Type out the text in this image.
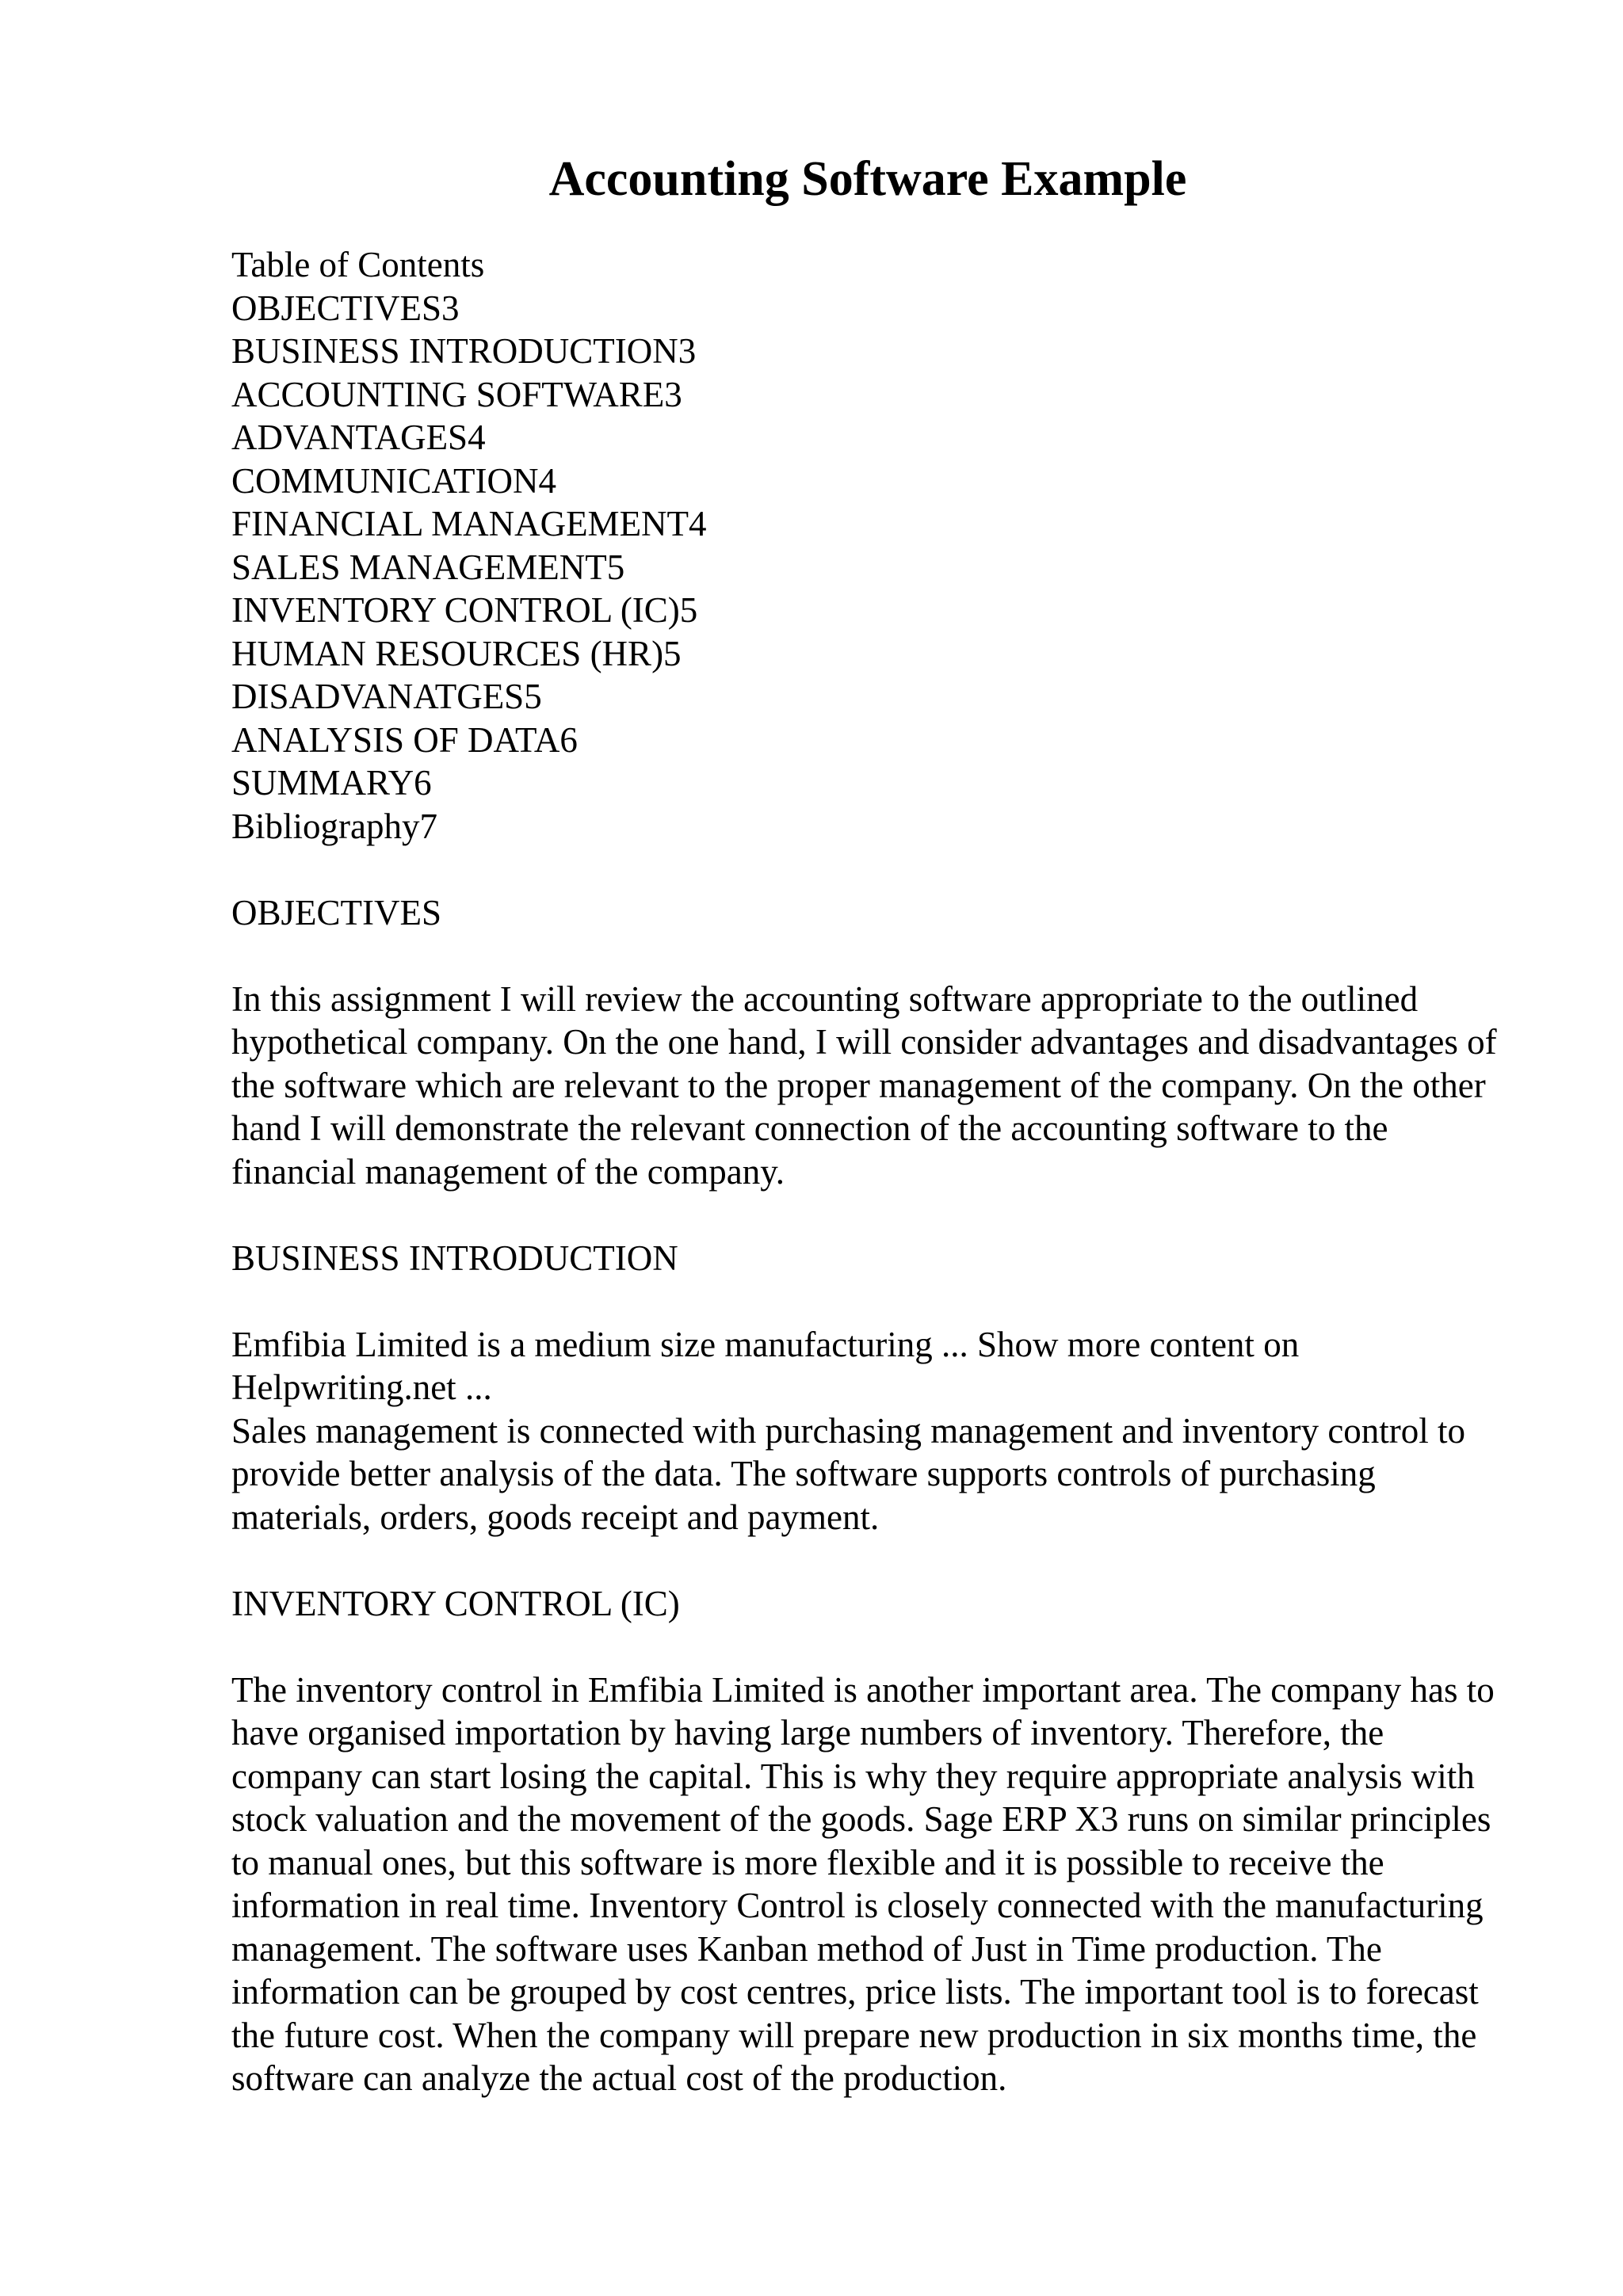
Accounting Software Example
Table of Contents
OBJECTIVES3
BUSINESS INTRODUCTION3
ACCOUNTING SOFTWARE3
ADVANTAGES4
COMMUNICATION4
FINANCIAL MANAGEMENT4
SALES MANAGEMENT5
INVENTORY CONTROL (IC)5
HUMAN RESOURCES (HR)5
DISADVANATGES5
ANALYSIS OF DATA6
SUMMARY6
Bibliography7
OBJECTIVES

In this assignment I will review the accounting software appropriate to the outlined hypothetical company. On the one hand, I will consider advantages and disadvantages of the software which are relevant to the proper management of the company. On the other hand I will demonstrate the relevant connection of the accounting software to the financial management of the company.

BUSINESS INTRODUCTION

Emfibia Limited is a medium size manufacturing ... Show more content on Helpwriting.net ...

Sales management is connected with purchasing management and inventory control to provide better analysis of the data. The software supports controls of purchasing materials, orders, goods receipt and payment.

INVENTORY CONTROL (IC)

The inventory control in Emfibia Limited is another important area. The company has to have organised importation by having large numbers of inventory. Therefore, the company can start losing the capital. This is why they require appropriate analysis with stock valuation and the movement of the goods. Sage ERP X3 runs on similar principles to manual ones, but this software is more flexible and it is possible to receive the information in real time. Inventory Control is closely connected with the manufacturing management. The software uses Kanban method of Just in Time production. The information can be grouped by cost centres, price lists. The important tool is to forecast the future cost. When the company will prepare new production in six months time, the software can analyze the actual cost of the production.
